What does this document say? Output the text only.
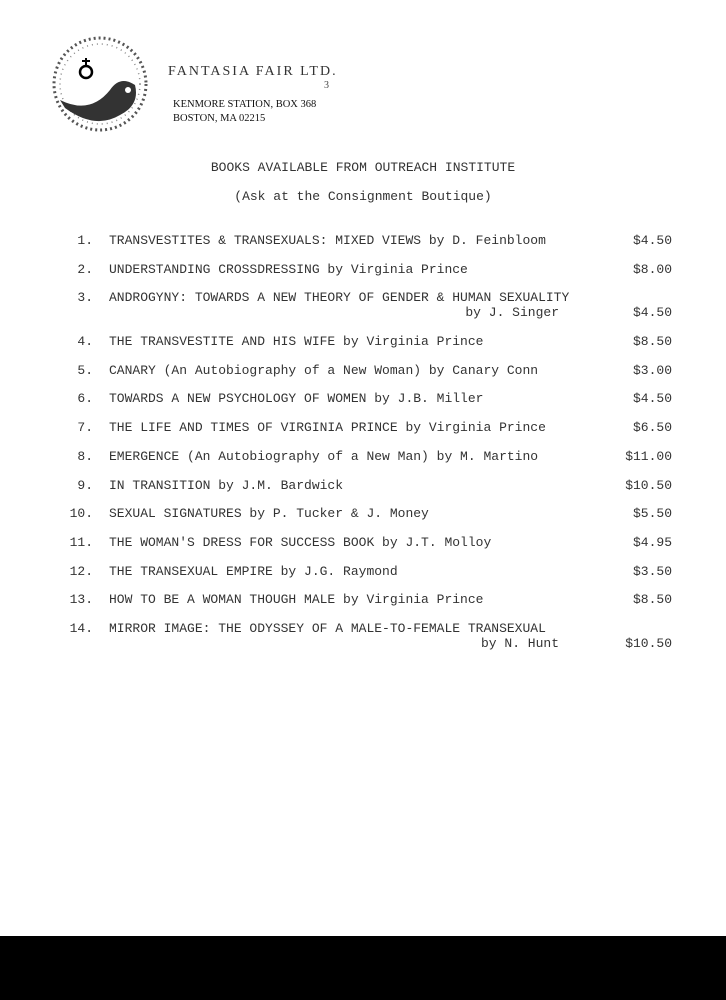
FANTASIA FAIR LTD.
3
KENMORE STATION, BOX 368
BOSTON, MA 02215
BOOKS AVAILABLE FROM OUTREACH INSTITUTE
(Ask at the Consignment Boutique)
1. TRANSVESTITES & TRANSEXUALS: MIXED VIEWS by D. Feinbloom	$4.50
2. UNDERSTANDING CROSSDRESSING by Virginia Prince	$8.00
3. ANDROGYNY: TOWARDS A NEW THEORY OF GENDER & HUMAN SEXUALITY
by J. Singer	$4.50
4. THE TRANSVESTITE AND HIS WIFE by Virginia Prince	$8.50
5. CANARY (An Autobiography of a New Woman) by Canary Conn	$3.00
6. TOWARDS A NEW PSYCHOLOGY OF WOMEN by J.B. Miller	$4.50
7. THE LIFE AND TIMES OF VIRGINIA PRINCE by Virginia Prince	$6.50
8. EMERGENCE (An Autobiography of a New Man) by M. Martino	$11.00
9. IN TRANSITION by J.M. Bardwick	$10.50
10. SEXUAL SIGNATURES by P. Tucker & J. Money	$5.50
11. THE WOMAN'S DRESS FOR SUCCESS BOOK by J.T. Molloy	$4.95
12. THE TRANSEXUAL EMPIRE by J.G. Raymond	$3.50
13. HOW TO BE A WOMAN THOUGH MALE by Virginia Prince	$8.50
14. MIRROR IMAGE: THE ODYSSEY OF A MALE-TO-FEMALE TRANSEXUAL
by N. Hunt	$10.50
